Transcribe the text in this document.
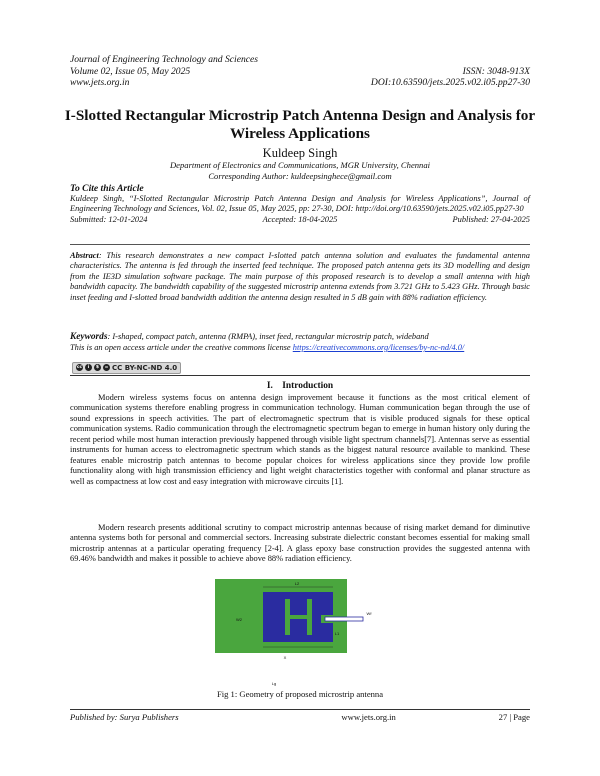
Journal of Engineering Technology and Sciences
Volume 02, Issue 05, May 2025	ISSN: 3048-913X
www.jets.org.in	DOI:10.63590/jets.2025.v02.i05.pp27-30
I-Slotted Rectangular Microstrip Patch Antenna Design and Analysis for Wireless Applications
Kuldeep Singh
Department of Electronics and Communications, MGR University, Chennai
Corresponding Author: kuldeepsinghece@gmail.com
To Cite this Article
Kuldeep Singh, “I-Slotted Rectangular Microstrip Patch Antenna Design and Analysis for Wireless Applications”, Journal of Engineering Technology and Sciences, Vol. 02, Issue 05, May 2025, pp: 27-30, DOI: http://doi.org/10.63590/jets.2025.v02.i05.pp27-30
Submitted: 12-01-2024	Accepted: 18-04-2025	Published: 27-04-2025
Abstract: This research demonstrates a new compact I-slotted patch antenna solution and evaluates the fundamental antenna characteristics. The antenna is fed through the inserted feed technique. The proposed patch antenna gets its 3D modelling and design from the IE3D simulation software package. The main purpose of this proposed research is to develop a small antenna with high bandwidth capacity. The bandwidth capability of the suggested microstrip antenna extends from 3.721 GHz to 5.423 GHz. Through basic inset feeding and I-slotted broad bandwidth addition the antenna design resulted in 5 dB gain with 88% radiation efficiency.
Keywords: I-shaped, compact patch, antenna (RMPA), inset feed, rectangular microstrip patch, wideband
This is an open access article under the creative commons license https://creativecommons.org/licenses/by-nc-nd/4.0/
cc	i	$	= CC BY-NC-ND 4.0
I.    Introduction
Modern wireless systems focus on antenna design improvement because it functions as the most critical element of communication systems therefore enabling progress in communication technology. Human communication began through the use of sound expressions in speech activities. The part of electromagnetic spectrum that is visible produced signals for these optical communication systems. Radio communication through the electromagnetic spectrum began to emerge in human history only during the recent period while most human interaction previously happened through visible light spectrum channels[7]. Antennas serve as essential instruments for human access to electromagnetic spectrum which stands as the biggest natural resource available to mankind. These features enable microstrip patch antennas to become popular choices for wireless applications since they provide low profile functionality along with high transmission efficiency and light weight characteristics together with conformal and planar structure as well as compactness at low cost and easy integration with microwave circuits [1].
Modern research presents additional scrutiny to compact microstrip antennas because of rising market demand for diminutive antenna systems both for personal and commercial sectors. Increasing substrate dielectric constant becomes essential for making small microstrip antennas at a particular operating frequency [2-4]. A glass epoxy base construction provides the suggested antenna with 69.46% bandwidth and makes it possible to achieve above 88% radiation efficiency.
L2
W2
Wf
L1
X
Lg
Fig 1: Geometry of proposed microstrip antenna
Published by: Surya Publishers	www.jets.org.in	27 | Page
